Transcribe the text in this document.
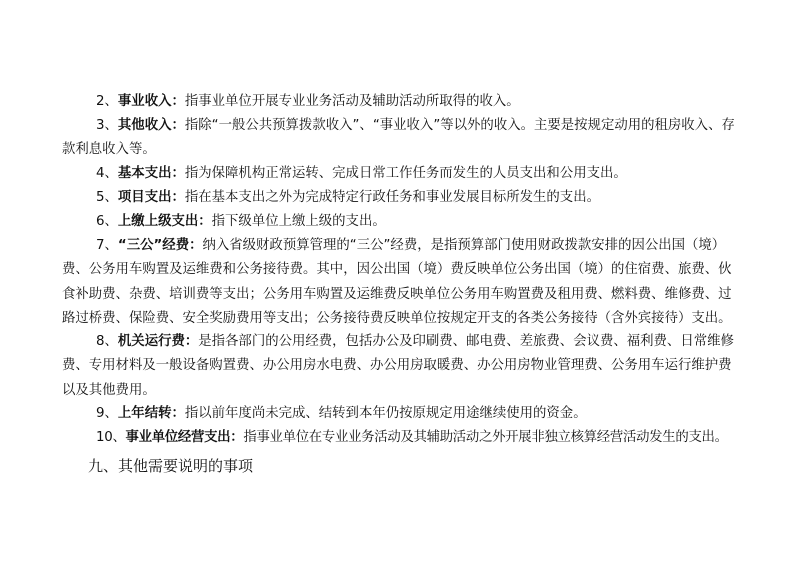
2、事业收入：指事业单位开展专业业务活动及辅助活动所取得的收入。

3、其他收入：指除“一般公共预算拨款收入”、“事业收入”等以外的收入。主要是按规定动用的租房收入、存款利息收入等。

4、基本支出：指为保障机构正常运转、完成日常工作任务而发生的人员支出和公用支出。

5、项目支出：指在基本支出之外为完成特定行政任务和事业发展目标所发生的支出。

6、上缴上级支出：指下级单位上缴上级的支出。

7、“三公”经费：纳入省级财政预算管理的“三公”经费，是指预算部门使用财政拨款安排的因公出国（境）费、公务用车购置及运维费和公务接待费。其中，因公出国（境）费反映单位公务出国（境）的住宿费、旅费、伙食补助费、杂费、培训费等支出；公务用车购置及运维费反映单位公务用车购置费及租用费、燃料费、维修费、过路过桥费、保险费、安全奖励费用等支出；公务接待费反映单位按规定开支的各类公务接待（含外宾接待）支出。

8、机关运行费：是指各部门的公用经费，包括办公及印刷费、邮电费、差旅费、会议费、福利费、日常维修费、专用材料及一般设备购置费、办公用房水电费、办公用房取暖费、办公用房物业管理费、公务用车运行维护费以及其他费用。

9、上年结转：指以前年度尚未完成、结转到本年仍按原规定用途继续使用的资金。

10、事业单位经营支出：指事业单位在专业业务活动及其辅助活动之外开展非独立核算经营活动发生的支出。

九、其他需要说明的事项
